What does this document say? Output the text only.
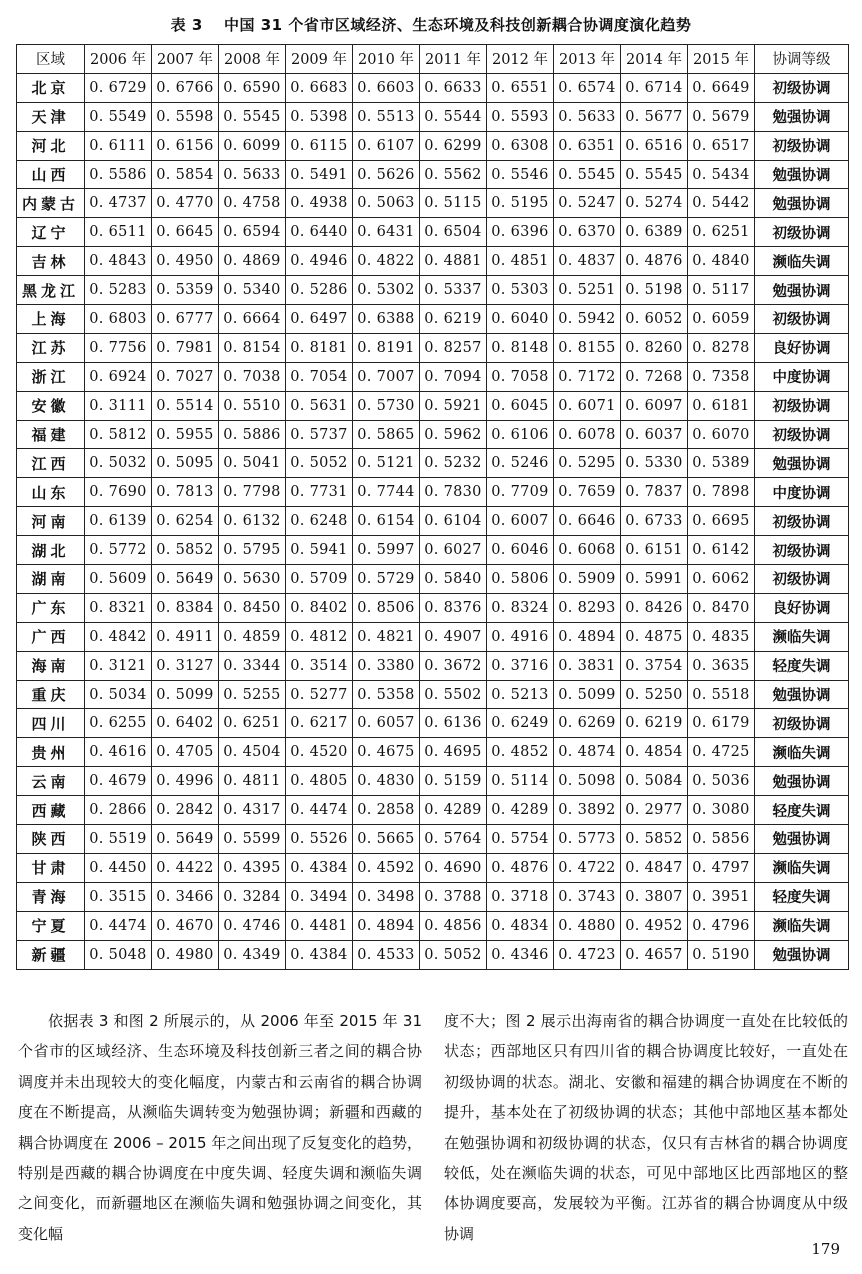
表 3　 中国 31 个省市区域经济、生态环境及科技创新耦合协调度演化趋势
区域	2006 年	2007 年	2008 年	2009 年	2010 年	2011 年	2012 年	2013 年	2014 年	2015 年	协调等级
北京	0. 6729	0. 6766	0. 6590	0. 6683	0. 6603	0. 6633	0. 6551	0. 6574	0. 6714	0. 6649	初级协调
天津	0. 5549	0. 5598	0. 5545	0. 5398	0. 5513	0. 5544	0. 5593	0. 5633	0. 5677	0. 5679	勉强协调
河北	0. 6111	0. 6156	0. 6099	0. 6115	0. 6107	0. 6299	0. 6308	0. 6351	0. 6516	0. 6517	初级协调
山西	0. 5586	0. 5854	0. 5633	0. 5491	0. 5626	0. 5562	0. 5546	0. 5545	0. 5545	0. 5434	勉强协调
内蒙古	0. 4737	0. 4770	0. 4758	0. 4938	0. 5063	0. 5115	0. 5195	0. 5247	0. 5274	0. 5442	勉强协调
辽宁	0. 6511	0. 6645	0. 6594	0. 6440	0. 6431	0. 6504	0. 6396	0. 6370	0. 6389	0. 6251	初级协调
吉林	0. 4843	0. 4950	0. 4869	0. 4946	0. 4822	0. 4881	0. 4851	0. 4837	0. 4876	0. 4840	濒临失调
黑龙江	0. 5283	0. 5359	0. 5340	0. 5286	0. 5302	0. 5337	0. 5303	0. 5251	0. 5198	0. 5117	勉强协调
上海	0. 6803	0. 6777	0. 6664	0. 6497	0. 6388	0. 6219	0. 6040	0. 5942	0. 6052	0. 6059	初级协调
江苏	0. 7756	0. 7981	0. 8154	0. 8181	0. 8191	0. 8257	0. 8148	0. 8155	0. 8260	0. 8278	良好协调
浙江	0. 6924	0. 7027	0. 7038	0. 7054	0. 7007	0. 7094	0. 7058	0. 7172	0. 7268	0. 7358	中度协调
安徽	0. 3111	0. 5514	0. 5510	0. 5631	0. 5730	0. 5921	0. 6045	0. 6071	0. 6097	0. 6181	初级协调
福建	0. 5812	0. 5955	0. 5886	0. 5737	0. 5865	0. 5962	0. 6106	0. 6078	0. 6037	0. 6070	初级协调
江西	0. 5032	0. 5095	0. 5041	0. 5052	0. 5121	0. 5232	0. 5246	0. 5295	0. 5330	0. 5389	勉强协调
山东	0. 7690	0. 7813	0. 7798	0. 7731	0. 7744	0. 7830	0. 7709	0. 7659	0. 7837	0. 7898	中度协调
河南	0. 6139	0. 6254	0. 6132	0. 6248	0. 6154	0. 6104	0. 6007	0. 6646	0. 6733	0. 6695	初级协调
湖北	0. 5772	0. 5852	0. 5795	0. 5941	0. 5997	0. 6027	0. 6046	0. 6068	0. 6151	0. 6142	初级协调
湖南	0. 5609	0. 5649	0. 5630	0. 5709	0. 5729	0. 5840	0. 5806	0. 5909	0. 5991	0. 6062	初级协调
广东	0. 8321	0. 8384	0. 8450	0. 8402	0. 8506	0. 8376	0. 8324	0. 8293	0. 8426	0. 8470	良好协调
广西	0. 4842	0. 4911	0. 4859	0. 4812	0. 4821	0. 4907	0. 4916	0. 4894	0. 4875	0. 4835	濒临失调
海南	0. 3121	0. 3127	0. 3344	0. 3514	0. 3380	0. 3672	0. 3716	0. 3831	0. 3754	0. 3635	轻度失调
重庆	0. 5034	0. 5099	0. 5255	0. 5277	0. 5358	0. 5502	0. 5213	0. 5099	0. 5250	0. 5518	勉强协调
四川	0. 6255	0. 6402	0. 6251	0. 6217	0. 6057	0. 6136	0. 6249	0. 6269	0. 6219	0. 6179	初级协调
贵州	0. 4616	0. 4705	0. 4504	0. 4520	0. 4675	0. 4695	0. 4852	0. 4874	0. 4854	0. 4725	濒临失调
云南	0. 4679	0. 4996	0. 4811	0. 4805	0. 4830	0. 5159	0. 5114	0. 5098	0. 5084	0. 5036	勉强协调
西藏	0. 2866	0. 2842	0. 4317	0. 4474	0. 2858	0. 4289	0. 4289	0. 3892	0. 2977	0. 3080	轻度失调
陕西	0. 5519	0. 5649	0. 5599	0. 5526	0. 5665	0. 5764	0. 5754	0. 5773	0. 5852	0. 5856	勉强协调
甘肃	0. 4450	0. 4422	0. 4395	0. 4384	0. 4592	0. 4690	0. 4876	0. 4722	0. 4847	0. 4797	濒临失调
青海	0. 3515	0. 3466	0. 3284	0. 3494	0. 3498	0. 3788	0. 3718	0. 3743	0. 3807	0. 3951	轻度失调
宁夏	0. 4474	0. 4670	0. 4746	0. 4481	0. 4894	0. 4856	0. 4834	0. 4880	0. 4952	0. 4796	濒临失调
新疆	0. 5048	0. 4980	0. 4349	0. 4384	0. 4533	0. 5052	0. 4346	0. 4723	0. 4657	0. 5190	勉强协调
依据表 3 和图 2 所展示的，从 2006 年至 2015 年 31 个省市的区域经济、生态环境及科技创新三者之间的耦合协调度并未出现较大的变化幅度，内蒙古和云南省的耦合协调度在不断提高，从濒临失调转变为勉强协调；新疆和西藏的耦合协调度在 2006 – 2015 年之间出现了反复变化的趋势，特别是西藏的耦合协调度在中度失调、轻度失调和濒临失调之间变化，而新疆地区在濒临失调和勉强协调之间变化，其变化幅
度不大；图 2 展示出海南省的耦合协调度一直处在比较低的状态；西部地区只有四川省的耦合协调度比较好，一直处在初级协调的状态。湖北、安徽和福建的耦合协调度在不断的提升，基本处在了初级协调的状态；其他中部地区基本都处在勉强协调和初级协调的状态，仅只有吉林省的耦合协调度较低，处在濒临失调的状态，可见中部地区比西部地区的整体协调度要高，发展较为平衡。江苏省的耦合协调度从中级协调
179
